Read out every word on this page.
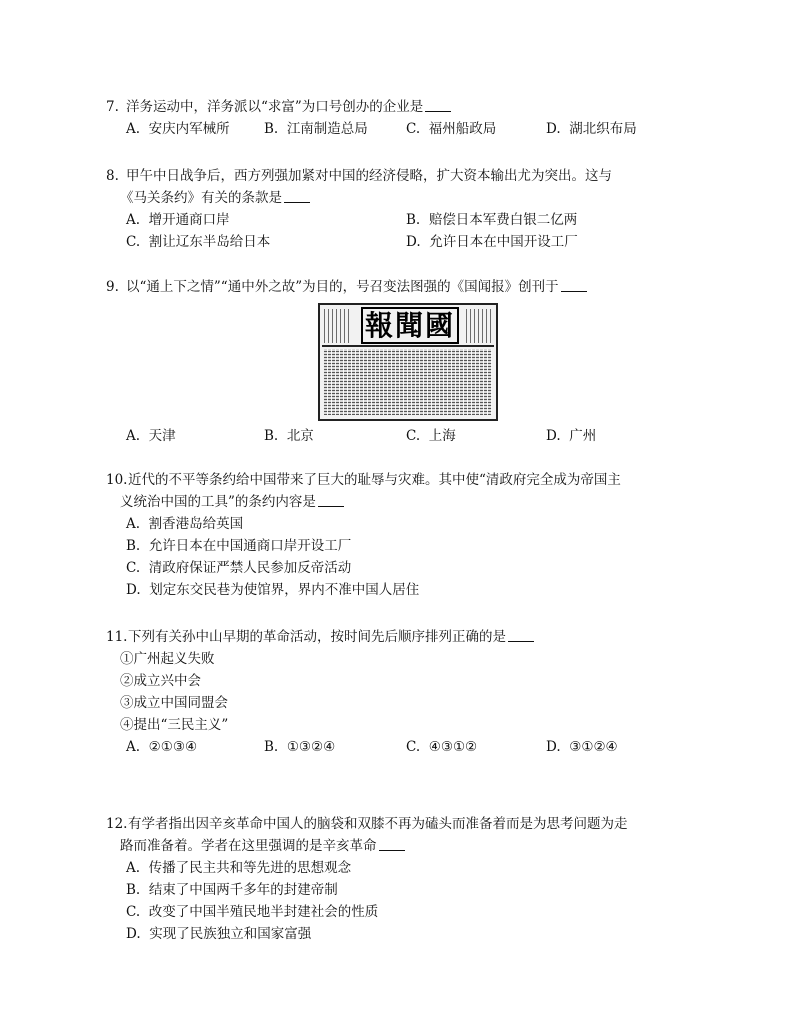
7. 洋务运动中，洋务派以“求富”为口号创办的企业是
A. 安庆内军械所	B. 江南制造总局	C. 福州船政局	D. 湖北织布局
8. 甲午中日战争后，西方列强加紧对中国的经济侵略，扩大资本输出尤为突出。这与
《马关条约》有关的条款是
A. 增开通商口岸	B. 赔偿日本军费白银二亿两
C. 割让辽东半岛给日本	D. 允许日本在中国开设工厂
9. 以“通上下之情”“通中外之故”为目的，号召变法图强的《国闻报》创刊于
報聞國
A. 天津	B. 北京	C. 上海	D. 广州
10. 近代的不平等条约给中国带来了巨大的耻辱与灾难。其中使“清政府完全成为帝国主
义统治中国的工具”的条约内容是
A. 割香港岛给英国
B. 允许日本在中国通商口岸开设工厂
C. 清政府保证严禁人民参加反帝活动
D. 划定东交民巷为使馆界，界内不准中国人居住
11. 下列有关孙中山早期的革命活动，按时间先后顺序排列正确的是
①广州起义失败
②成立兴中会
③成立中国同盟会
④提出“三民主义”
A. ②①③④	B. ①③②④	C. ④③①②	D. ③①②④
12. 有学者指出因辛亥革命中国人的脑袋和双膝不再为磕头而准备着而是为思考问题为走
路而准备着。学者在这里强调的是辛亥革命
A. 传播了民主共和等先进的思想观念
B. 结束了中国两千多年的封建帝制
C. 改变了中国半殖民地半封建社会的性质
D. 实现了民族独立和国家富强
